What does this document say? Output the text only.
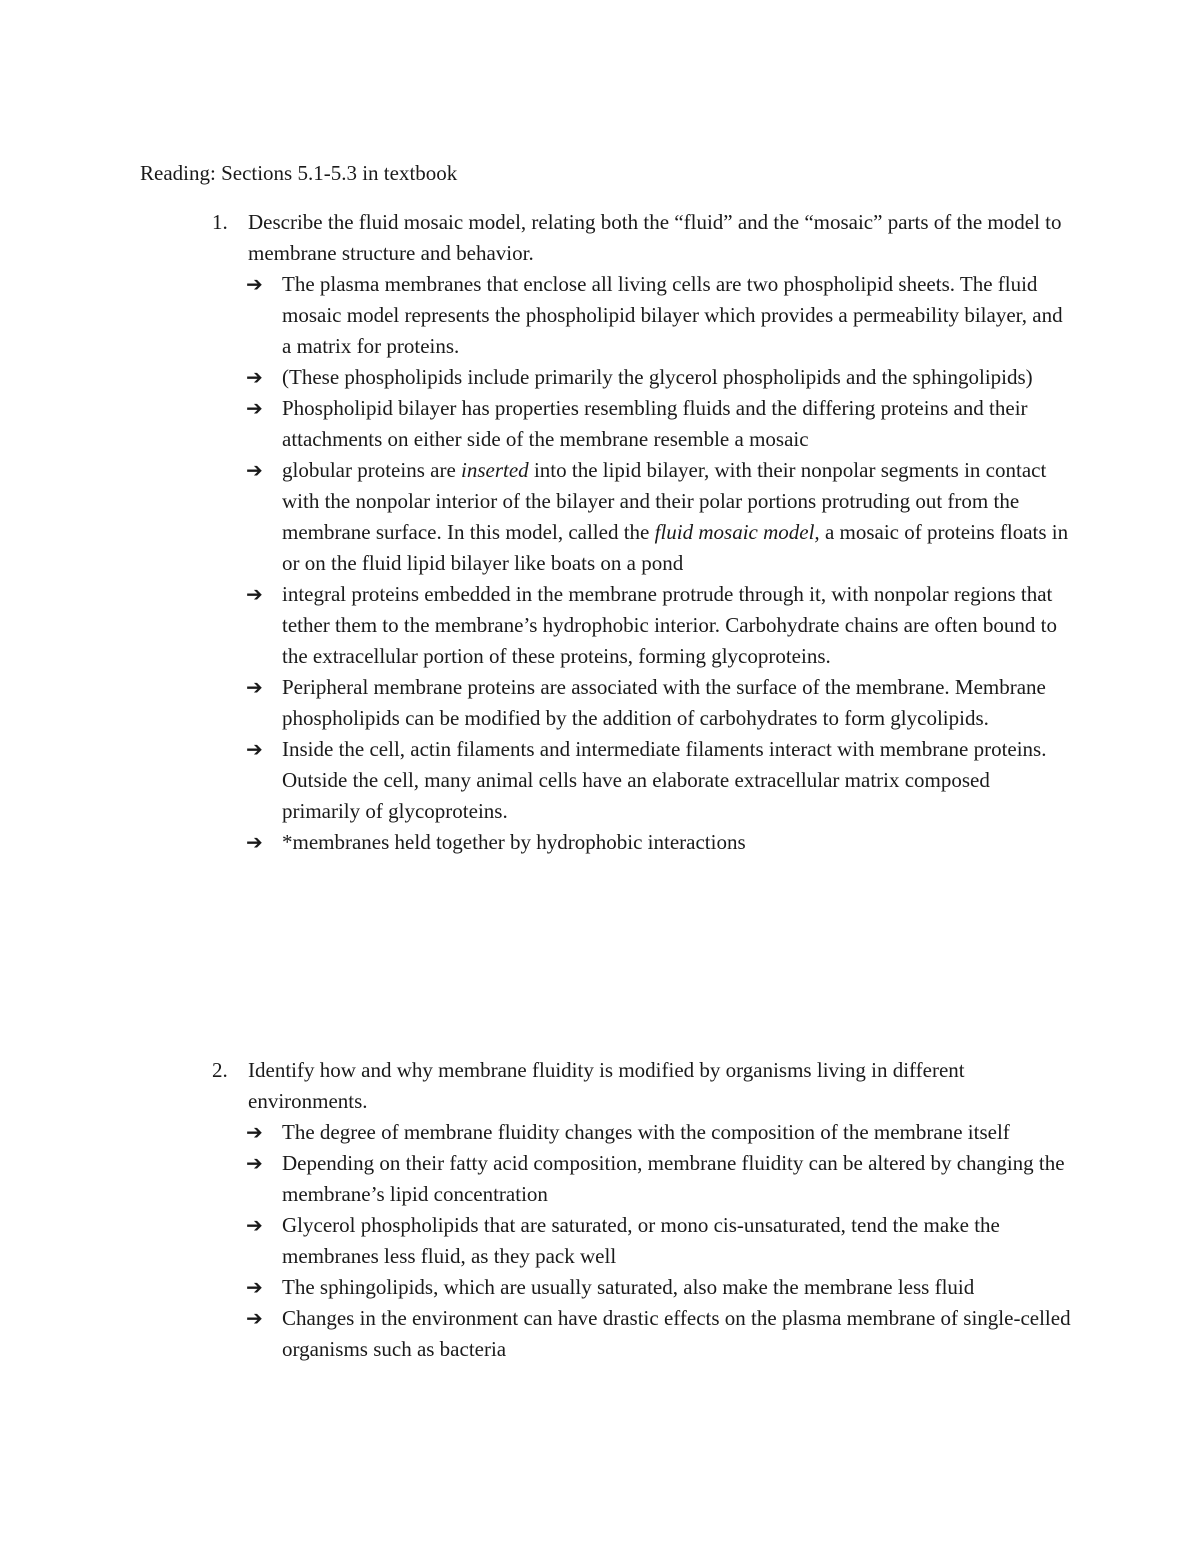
Reading: Sections 5.1-5.3 in textbook
1. Describe the fluid mosaic model, relating both the “fluid” and the “mosaic” parts of the model to membrane structure and behavior.
➔ The plasma membranes that enclose all living cells are two phospholipid sheets. The fluid mosaic model represents the phospholipid bilayer which provides a permeability bilayer, and a matrix for proteins.
➔ (These phospholipids include primarily the glycerol phospholipids and the sphingolipids)
➔ Phospholipid bilayer has properties resembling fluids and the differing proteins and their attachments on either side of the membrane resemble a mosaic
➔ globular proteins are inserted into the lipid bilayer, with their nonpolar segments in contact with the nonpolar interior of the bilayer and their polar portions protruding out from the membrane surface. In this model, called the fluid mosaic model, a mosaic of proteins floats in or on the fluid lipid bilayer like boats on a pond
➔ integral proteins embedded in the membrane protrude through it, with nonpolar regions that tether them to the membrane’s hydrophobic interior. Carbohydrate chains are often bound to the extracellular portion of these proteins, forming glycoproteins.
➔ Peripheral membrane proteins are associated with the surface of the membrane. Membrane phospholipids can be modified by the addition of carbohydrates to form glycolipids.
➔ Inside the cell, actin filaments and intermediate filaments interact with membrane proteins. Outside the cell, many animal cells have an elaborate extracellular matrix composed primarily of glycoproteins.
➔ *membranes held together by hydrophobic interactions
2. Identify how and why membrane fluidity is modified by organisms living in different environments.
➔ The degree of membrane fluidity changes with the composition of the membrane itself
➔ Depending on their fatty acid composition, membrane fluidity can be altered by changing the membrane’s lipid concentration
➔ Glycerol phospholipids that are saturated, or mono cis-unsaturated, tend the make the membranes less fluid, as they pack well
➔ The sphingolipids, which are usually saturated, also make the membrane less fluid
➔ Changes in the environment can have drastic effects on the plasma membrane of single-celled organisms such as bacteria
